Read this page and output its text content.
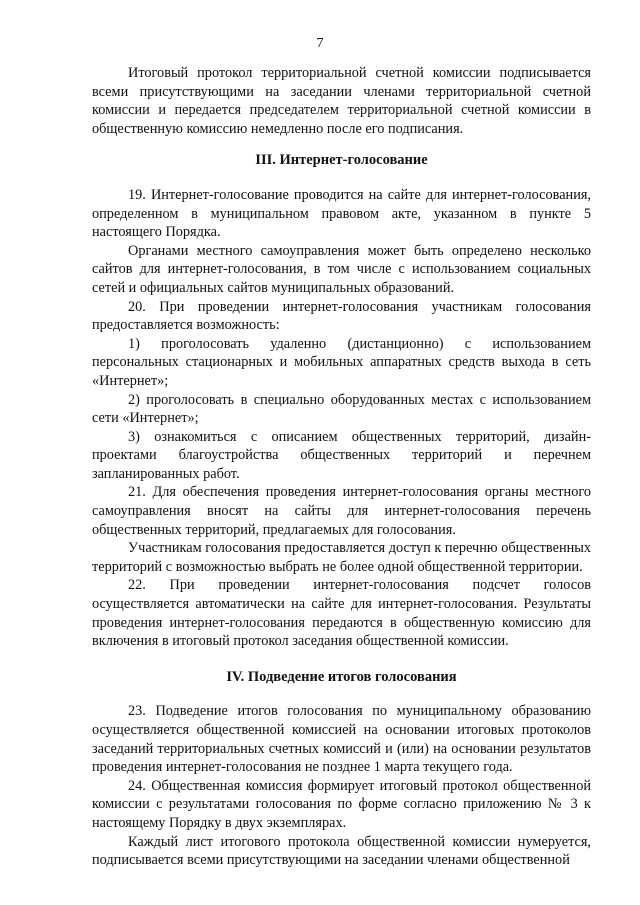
7

Итоговый протокол территориальной счетной комиссии подписывается всеми присутствующими на заседании членами территориальной счетной комиссии и передается председателем территориальной счетной комиссии в общественную комиссию немедленно после его подписания.

III. Интернет-голосование

19. Интернет-голосование проводится на сайте для интернет-голосования, определенном в муниципальном правовом акте, указанном в пункте 5 настоящего Порядка.

Органами местного самоуправления может быть определено несколько сайтов для интернет-голосования, в том числе с использованием социальных сетей и официальных сайтов муниципальных образований.

20. При проведении интернет-голосования участникам голосования предоставляется возможность:

1) проголосовать удаленно (дистанционно) с использованием персональных стационарных и мобильных аппаратных средств выхода в сеть «Интернет»;

2) проголосовать в специально оборудованных местах с использованием сети «Интернет»;

3) ознакомиться с описанием общественных территорий, дизайн-проектами благоустройства общественных территорий и перечнем запланированных работ.

21. Для обеспечения проведения интернет-голосования органы местного самоуправления вносят на сайты для интернет-голосования перечень общественных территорий, предлагаемых для голосования.

Участникам голосования предоставляется доступ к перечню общественных территорий с возможностью выбрать не более одной общественной территории.

22. При проведении интернет-голосования подсчет голосов осуществляется автоматически на сайте для интернет-голосования. Результаты проведения интернет-голосования передаются в общественную комиссию для включения в итоговый протокол заседания общественной комиссии.

IV. Подведение итогов голосования

23. Подведение итогов голосования по муниципальному образованию осуществляется общественной комиссией на основании итоговых протоколов заседаний территориальных счетных комиссий и (или) на основании результатов проведения интернет-голосования не позднее 1 марта текущего года.

24. Общественная комиссия формирует итоговый протокол общественной комиссии с результатами голосования по форме согласно приложению № 3 к настоящему Порядку в двух экземплярах.

Каждый лист итогового протокола общественной комиссии нумеруется, подписывается всеми присутствующими на заседании членами общественной
